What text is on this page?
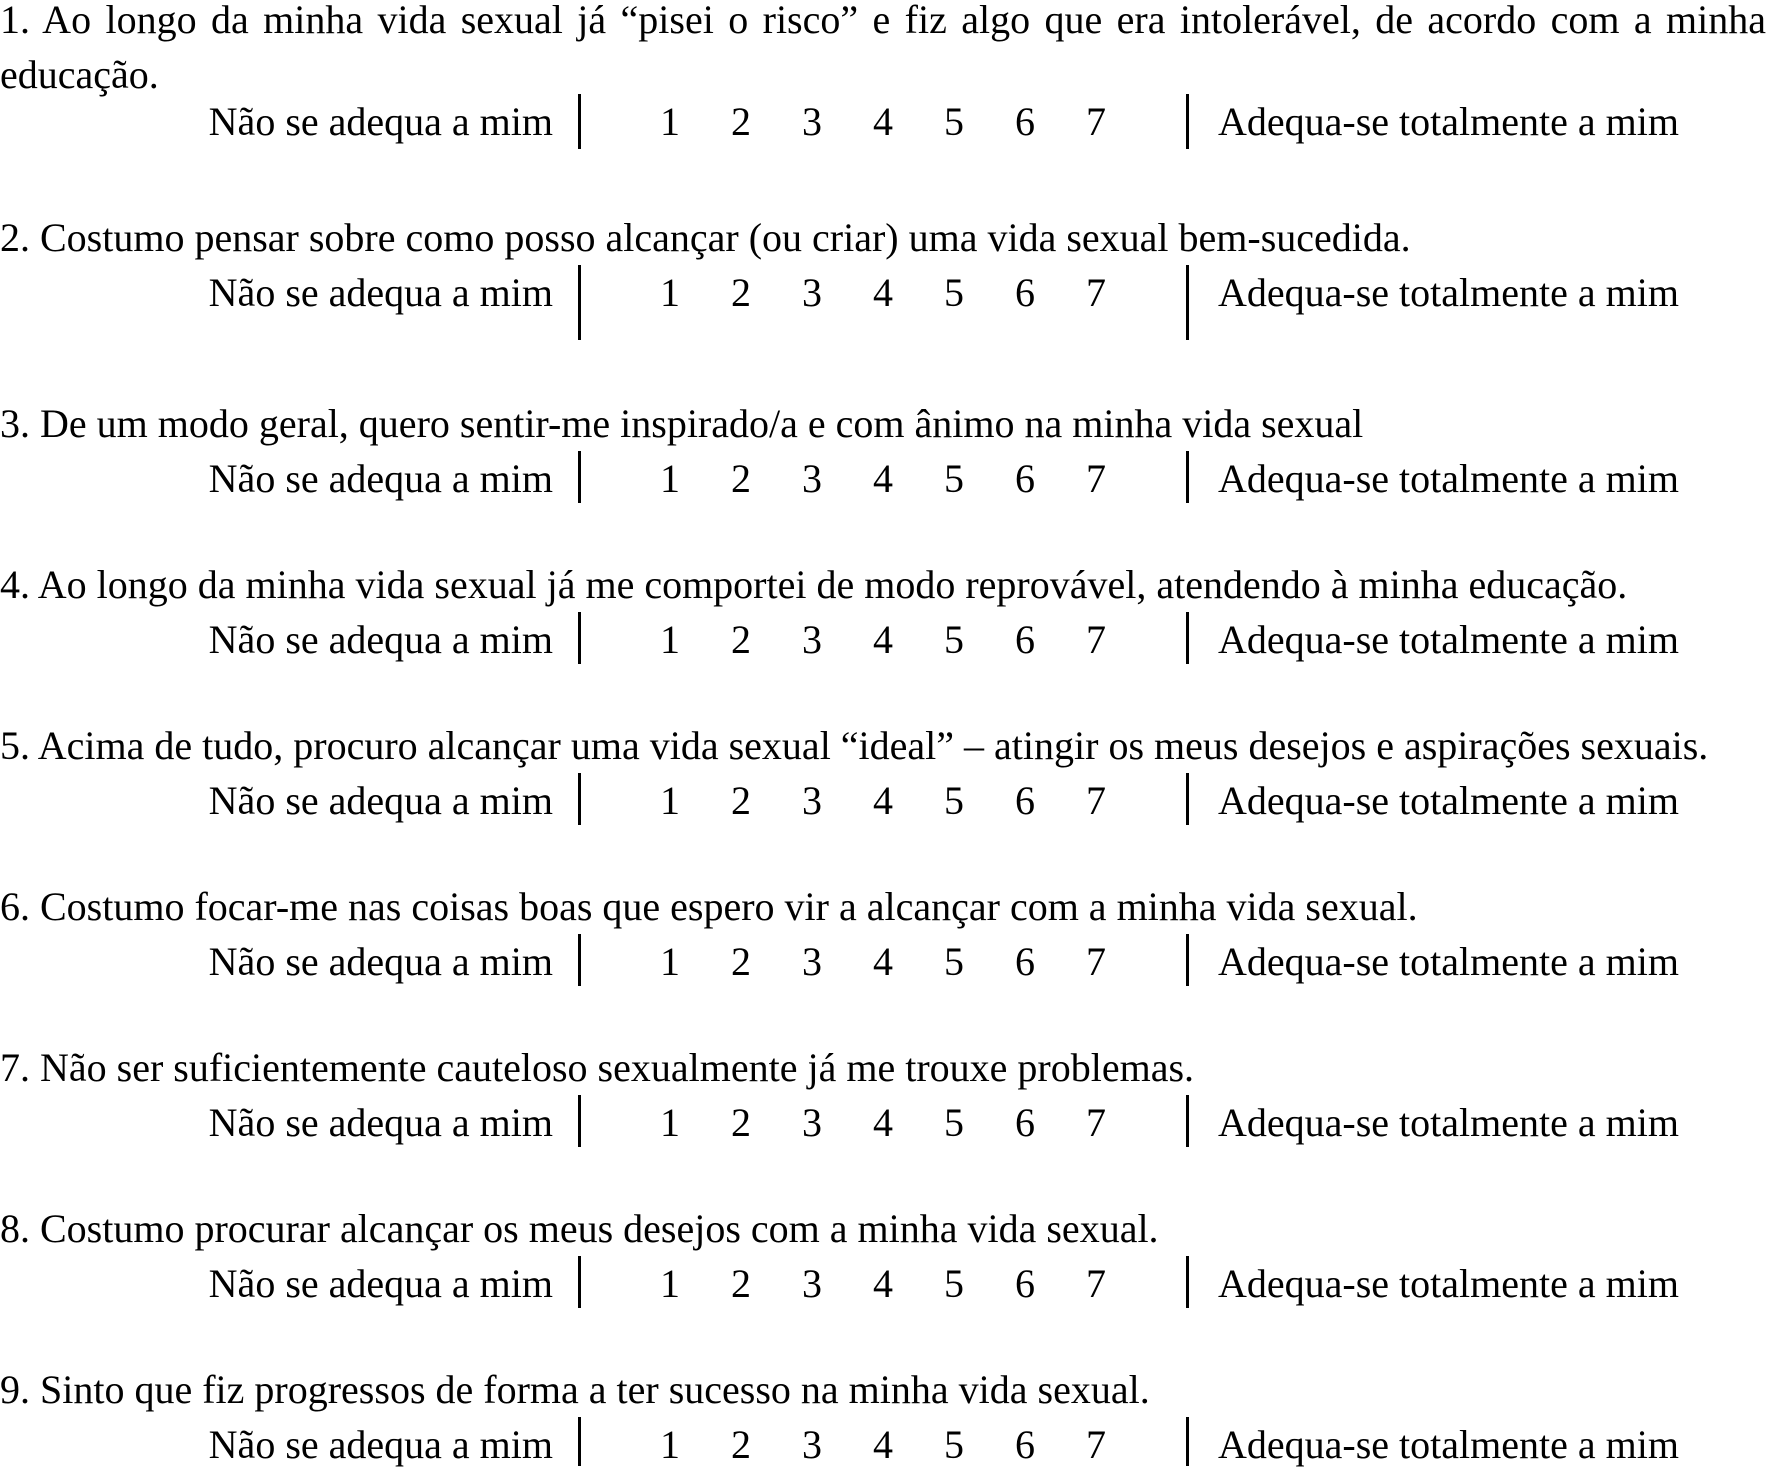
1. Ao longo da minha vida sexual já “pisei o risco” e fiz algo que era intolerável, de acordo com a minha educação.

Não se adequa a mim	1 2 3 4 5 6 7	Adequa-se totalmente a mim

2. Costumo pensar sobre como posso alcançar (ou criar) uma vida sexual bem-sucedida.

Não se adequa a mim	1 2 3 4 5 6 7	Adequa-se totalmente a mim

3. De um modo geral, quero sentir-me inspirado/a e com ânimo na minha vida sexual

Não se adequa a mim	1 2 3 4 5 6 7	Adequa-se totalmente a mim

4. Ao longo da minha vida sexual já me comportei de modo reprovável, atendendo à minha educação.

Não se adequa a mim	1 2 3 4 5 6 7	Adequa-se totalmente a mim

5. Acima de tudo, procuro alcançar uma vida sexual “ideal” – atingir os meus desejos e aspirações sexuais.

Não se adequa a mim	1 2 3 4 5 6 7	Adequa-se totalmente a mim

6. Costumo focar-me nas coisas boas que espero vir a alcançar com a minha vida sexual.

Não se adequa a mim	1 2 3 4 5 6 7	Adequa-se totalmente a mim

7. Não ser suficientemente cauteloso sexualmente já me trouxe problemas.

Não se adequa a mim	1 2 3 4 5 6 7	Adequa-se totalmente a mim

8. Costumo procurar alcançar os meus desejos com a minha vida sexual.

Não se adequa a mim	1 2 3 4 5 6 7	Adequa-se totalmente a mim

9. Sinto que fiz progressos de forma a ter sucesso na minha vida sexual.

Não se adequa a mim	1 2 3 4 5 6 7	Adequa-se totalmente a mim
